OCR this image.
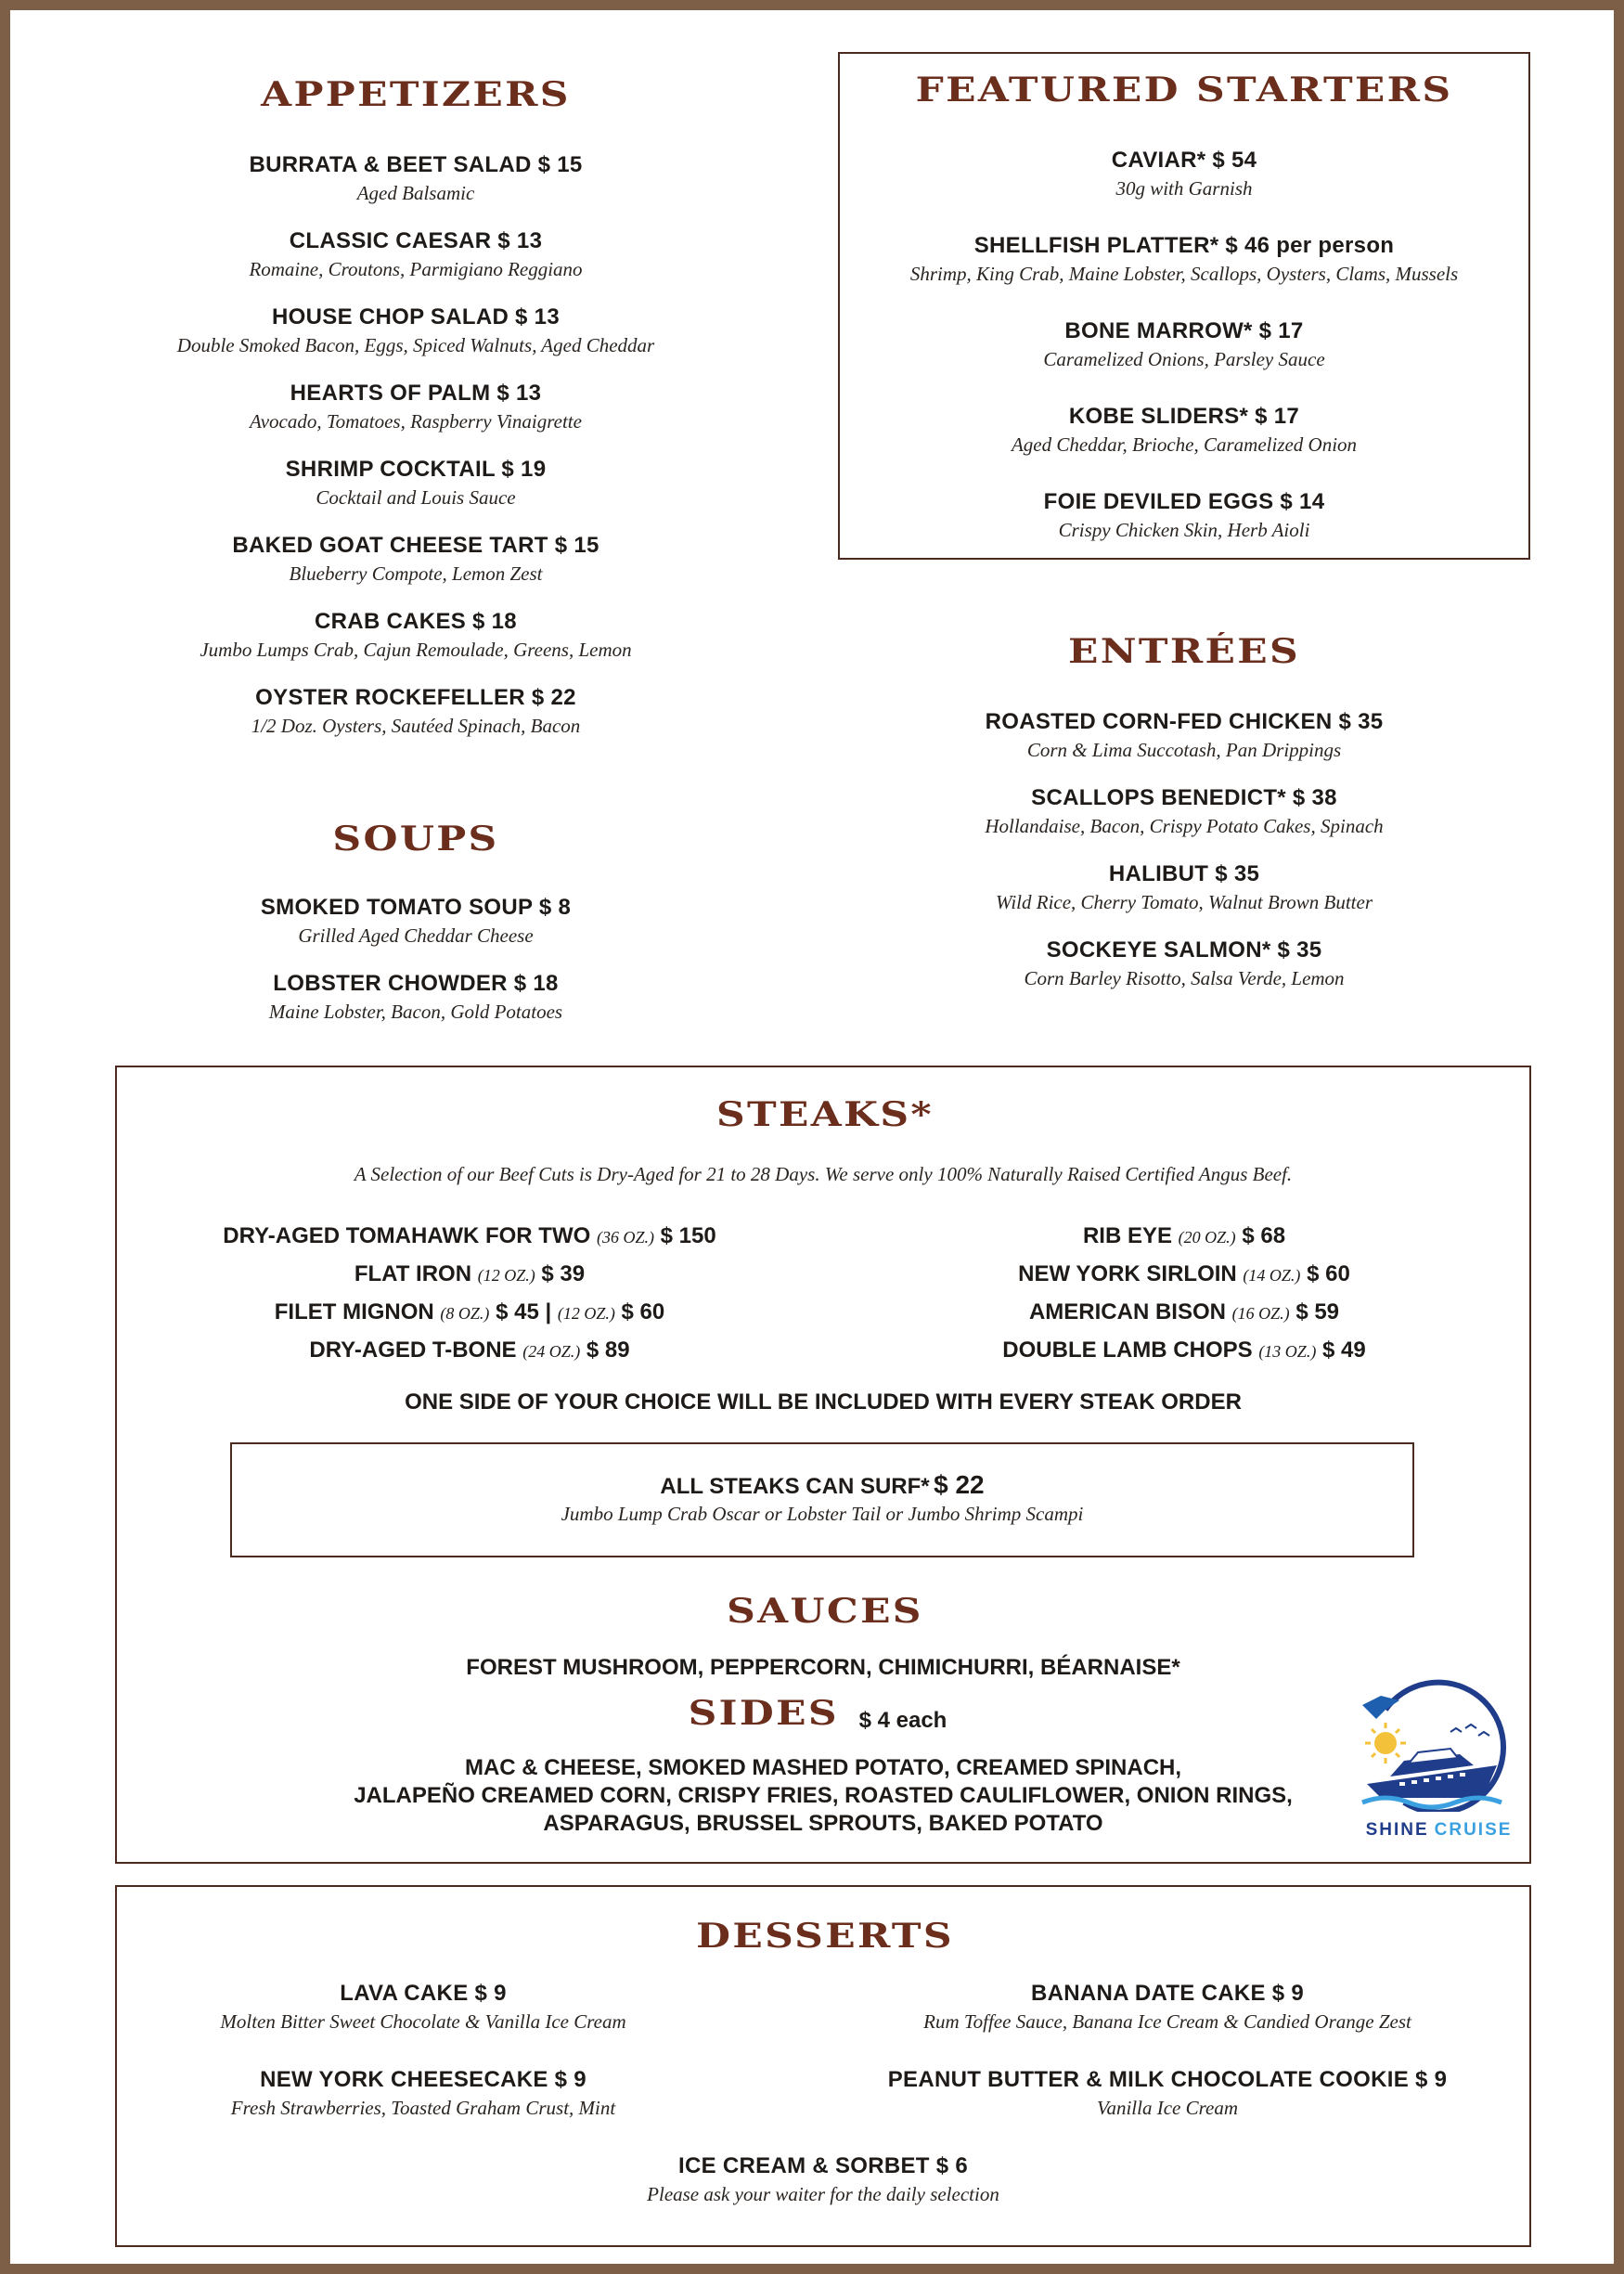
APPETIZERS
BURRATA & BEET SALAD $ 15
Aged Balsamic
CLASSIC CAESAR $ 13
Romaine, Croutons, Parmigiano Reggiano
HOUSE CHOP SALAD $ 13
Double Smoked Bacon, Eggs, Spiced Walnuts, Aged Cheddar
HEARTS OF PALM $ 13
Avocado, Tomatoes, Raspberry Vinaigrette
SHRIMP COCKTAIL $ 19
Cocktail and Louis Sauce
BAKED GOAT CHEESE TART $ 15
Blueberry Compote, Lemon Zest
CRAB CAKES $ 18
Jumbo Lumps Crab, Cajun Remoulade, Greens, Lemon
OYSTER ROCKEFELLER $ 22
1/2 Doz. Oysters, Sautéed Spinach, Bacon
SOUPS
SMOKED TOMATO SOUP $ 8
Grilled Aged Cheddar Cheese
LOBSTER CHOWDER $ 18
Maine Lobster, Bacon, Gold Potatoes
FEATURED STARTERS
CAVIAR* $ 54
30g with Garnish
SHELLFISH PLATTER* $ 46 per person
Shrimp, King Crab, Maine Lobster, Scallops, Oysters, Clams, Mussels
BONE MARROW* $ 17
Caramelized Onions, Parsley Sauce
KOBE SLIDERS* $ 17
Aged Cheddar, Brioche, Caramelized Onion
FOIE DEVILED EGGS $ 14
Crispy Chicken Skin, Herb Aioli
ENTRÉES
ROASTED CORN-FED CHICKEN $ 35
Corn & Lima Succotash, Pan Drippings
SCALLOPS BENEDICT* $ 38
Hollandaise, Bacon, Crispy Potato Cakes, Spinach
HALIBUT $ 35
Wild Rice, Cherry Tomato, Walnut Brown Butter
SOCKEYE SALMON* $ 35
Corn Barley Risotto, Salsa Verde, Lemon
STEAKS*
A Selection of our Beef Cuts is Dry-Aged for 21 to 28 Days. We serve only 100% Naturally Raised Certified Angus Beef.
DRY-AGED TOMAHAWK FOR TWO (36 OZ.) $ 150
FLAT IRON (12 OZ.) $ 39
FILET MIGNON (8 OZ.) $ 45 | (12 OZ.) $ 60
DRY-AGED T-BONE (24 OZ.) $ 89
RIB EYE (20 OZ.) $ 68
NEW YORK SIRLOIN (14 OZ.) $ 60
AMERICAN BISON (16 OZ.) $ 59
DOUBLE LAMB CHOPS (13 OZ.) $ 49
ONE SIDE OF YOUR CHOICE WILL BE INCLUDED WITH EVERY STEAK ORDER
ALL STEAKS CAN SURF* $ 22
Jumbo Lump Crab Oscar or Lobster Tail or Jumbo Shrimp Scampi
SAUCES
FOREST MUSHROOM, PEPPERCORN, CHIMICHURRI, BÉARNAISE*
SIDES $ 4 each
MAC & CHEESE, SMOKED MASHED POTATO, CREAMED SPINACH,
JALAPEÑO CREAMED CORN, CRISPY FRIES, ROASTED CAULIFLOWER, ONION RINGS,
ASPARAGUS, BRUSSEL SPROUTS, BAKED POTATO	SHINE CRUISE
DESSERTS
LAVA CAKE $ 9
Molten Bitter Sweet Chocolate & Vanilla Ice Cream
NEW YORK CHEESECAKE $ 9
Fresh Strawberries, Toasted Graham Crust, Mint
BANANA DATE CAKE $ 9
Rum Toffee Sauce, Banana Ice Cream & Candied Orange Zest
PEANUT BUTTER & MILK CHOCOLATE COOKIE $ 9
Vanilla Ice Cream
ICE CREAM & SORBET $ 6
Please ask your waiter for the daily selection
